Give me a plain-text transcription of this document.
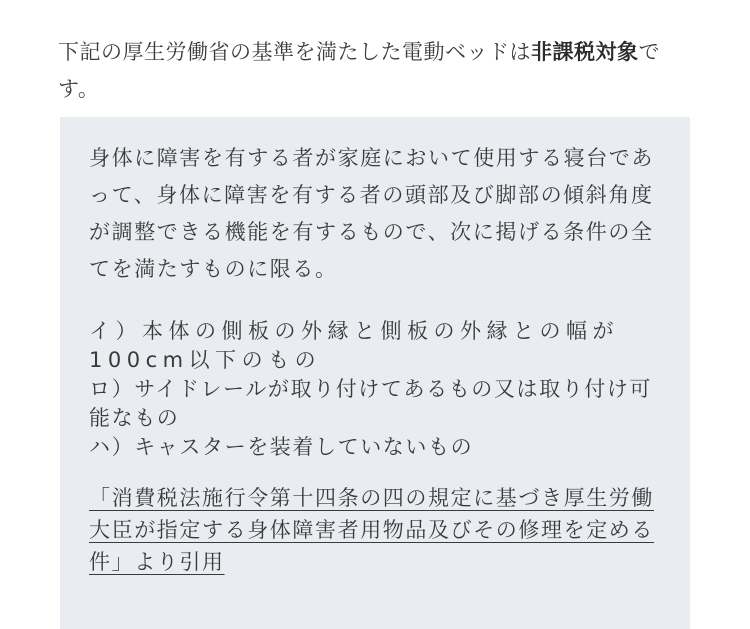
下記の厚生労働省の基準を満たした電動ベッドは非課税対象です。

身体に障害を有する者が家庭において使用する寝台であって、身体に障害を有する者の頭部及び脚部の傾斜角度が調整できる機能を有するもので、次に掲げる条件の全てを満たすものに限る。

イ）本体の側板の外縁と側板の外縁との幅が100cm以下のもの
ロ）サイドレールが取り付けてあるもの又は取り付け可能なもの
ハ）キャスターを装着していないもの

「消費税法施行令第十四条の四の規定に基づき厚生労働大臣が指定する身体障害者用物品及びその修理を定める件」より引用
